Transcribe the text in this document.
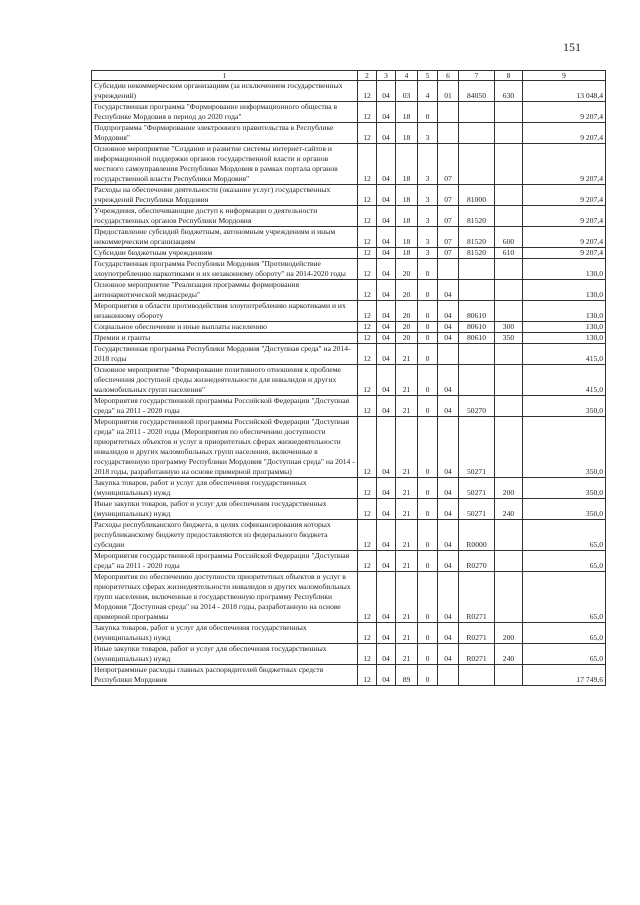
151
1	2	3	4	5	6	7	8	9
Субсидии некоммерческим организациям (за исключением государственных учреждений)	12	04	03	4	01	84050	630	13 048,4
Государственная программа "Формирование информационного общества в Республике Мордовия в период до 2020 года"	12	04	18	0				9 207,4
Подпрограмма "Формирование электронного правительства в Республике Мордовия"	12	04	18	3				9 207,4
Основное мероприятие "Создание и развитие системы интернет-сайтов и информационной поддержки органов государственной власти и органов местного самоуправления Республики Мордовия в рамках портала органов государственной власти Республики Мордовия"	12	04	18	3	07			9 207,4
Расходы на обеспечение деятельности (оказание услуг) государственных учреждений Республики Мордовия	12	04	18	3	07	81000		9 207,4
Учреждения, обеспечивающие доступ к информации о деятельности государственных органов Республики Мордовия	12	04	18	3	07	81520		9 207,4
Предоставление субсидий бюджетным, автономным учреждениям и иным некоммерческим организациям	12	04	18	3	07	81520	600	9 207,4
Субсидии бюджетным учреждениям	12	04	18	3	07	81520	610	9 207,4
Государственная программа Республики Мордовия "Противодействие злоупотреблению наркотиками и их незаконному обороту" на 2014-2020 годы	12	04	20	0				130,0
Основное мероприятие "Реализация программы формирования антинаркотической медиасреды"	12	04	20	0	04			130,0
Мероприятия в области противодействия злоупотреблению наркотиками и их незаконному обороту	12	04	20	0	04	80610		130,0
Социальное обеспечение и иные выплаты населению	12	04	20	0	04	80610	300	130,0
Премии и гранты	12	04	20	0	04	80610	350	130,0
Государственная программа Республики Мордовия "Доступная среда" на 2014-2018 годы	12	04	21	0				415,0
Основное мероприятие "Формирование позитивного отношения к проблеме обеспечения доступной среды жизнедеятельности для инвалидов и других маломобильных групп населения"	12	04	21	0	04			415,0
Мероприятия государственной программы Российской Федерации "Доступная среда" на 2011 - 2020 годы	12	04	21	0	04	50270		350,0
Мероприятия государственной программы Российской Федерации "Доступная среда" на 2011 - 2020 годы (Мероприятия по обеспечению доступности приоритетных объектов и услуг в приоритетных сферах жизнедеятельности инвалидов и других маломобильных групп населения, включенные в государственную программу Республики Мордовия "Доступная среда" на 2014 - 2018 годы, разработанную на основе примерной программы)	12	04	21	0	04	50271		350,0
Закупка товаров, работ и услуг для обеспечения государственных (муниципальных) нужд	12	04	21	0	04	50271	200	350,0
Иные закупки товаров, работ и услуг для обеспечения государственных (муниципальных) нужд	12	04	21	0	04	50271	240	350,0
Расходы республиканского бюджета, в целях софинансирования которых республиканскому бюджету предоставляются из федерального бюджета субсидии	12	04	21	0	04	R0000		65,0
Мероприятия государственной программы Российской Федерации "Доступная среда" на 2011 - 2020 годы	12	04	21	0	04	R0270		65,0
Мероприятия по обеспечению доступности приоритетных объектов и услуг в приоритетных сферах жизнедеятельности инвалидов и других маломобильных групп населения, включенные в государственную программу Республики Мордовия "Доступная среда" на 2014 - 2018 годы, разработанную на основе примерной программы	12	04	21	0	04	R0271		65,0
Закупка товаров, работ и услуг для обеспечения государственных (муниципальных) нужд	12	04	21	0	04	R0271	200	65,0
Иные закупки товаров, работ и услуг для обеспечения государственных (муниципальных) нужд	12	04	21	0	04	R0271	240	65,0
Непрограммные расходы главных распорядителей бюджетных средств Республики Мордовия	12	04	89	0				17 749,6
